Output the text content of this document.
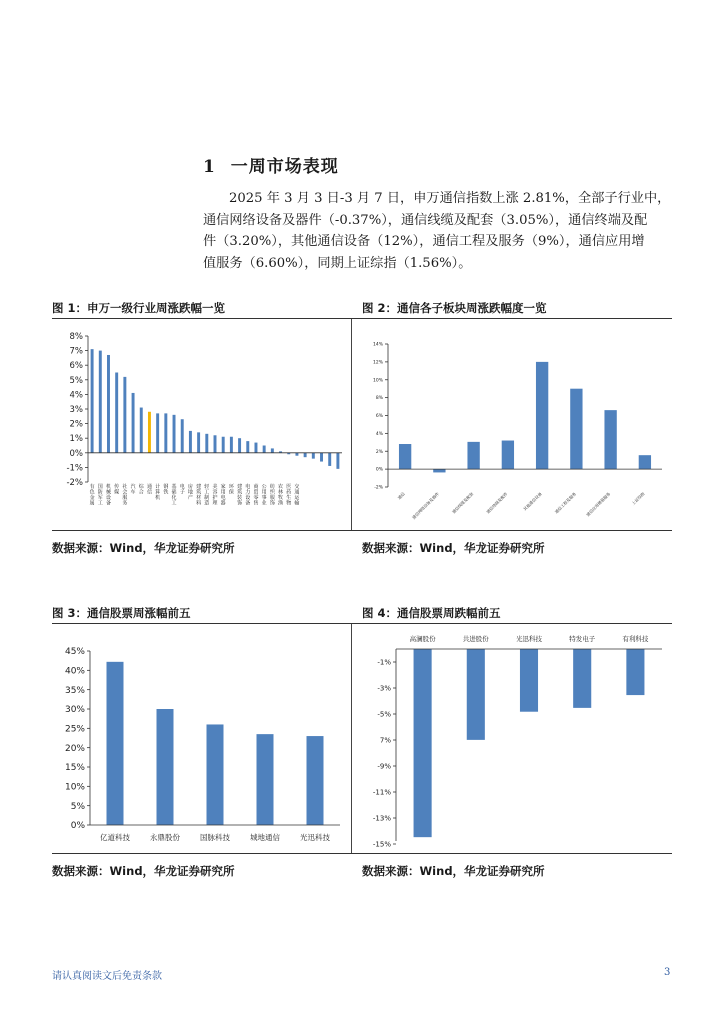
1 一周市场表现
2025 年 3 月 3 日-3 月 7 日，申万通信指数上涨 2.81%，全部子行业中，
通信网络设备及器件（-0.37%），通信线缆及配套（3.05%），通信终端及配
件（3.20%），其他通信设备（12%），通信工程及服务（9%），通信应用增
值服务（6.60%），同期上证综指（1.56%）。
图 1：申万一级行业周涨跌幅一览	图 2：通信各子板块周涨跌幅度一览
图 3：通信股票周涨幅前五	图 4：通信股票周跌幅前五
数据来源：Wind，华龙证券研究所	数据来源：Wind，华龙证券研究所
数据来源：Wind，华龙证券研究所	数据来源：Wind，华龙证券研究所
8%
7%
6%
5%
4%
3%
2%
1%
0%
-1%
-2% 有色金属
国防军工
机械设备
传媒
社会服务
汽车
综合
通信
计算机
钢铁
基础化工
电子
房地产
建筑材料
轻工制造
美容护理
家用电器
环保
建筑装饰
电力设备
商贸零售
公用事业
纺织服饰
农林牧渔
医药生物
交通运输
14%
12%
10%
8%
6%
4%
2%
0%
-2%
通信 通信网络设备及器件	通信线缆及配套	通信终端及配件	其他通信设备	通信工程及服务 通信应用增值服务	上证综指
45%
40%
35%
30%
25%
20%
15%
10%
5%
0%
亿道科技	永鼎股份	国脉科技	城地通信	光迅科技
-1%
-3%
-5%
7%
-9%
-11%
-13%
-15%
高澜股份	共进股份	光迅科技	特发电子	有利科技
请认真阅读文后免责条款	3
